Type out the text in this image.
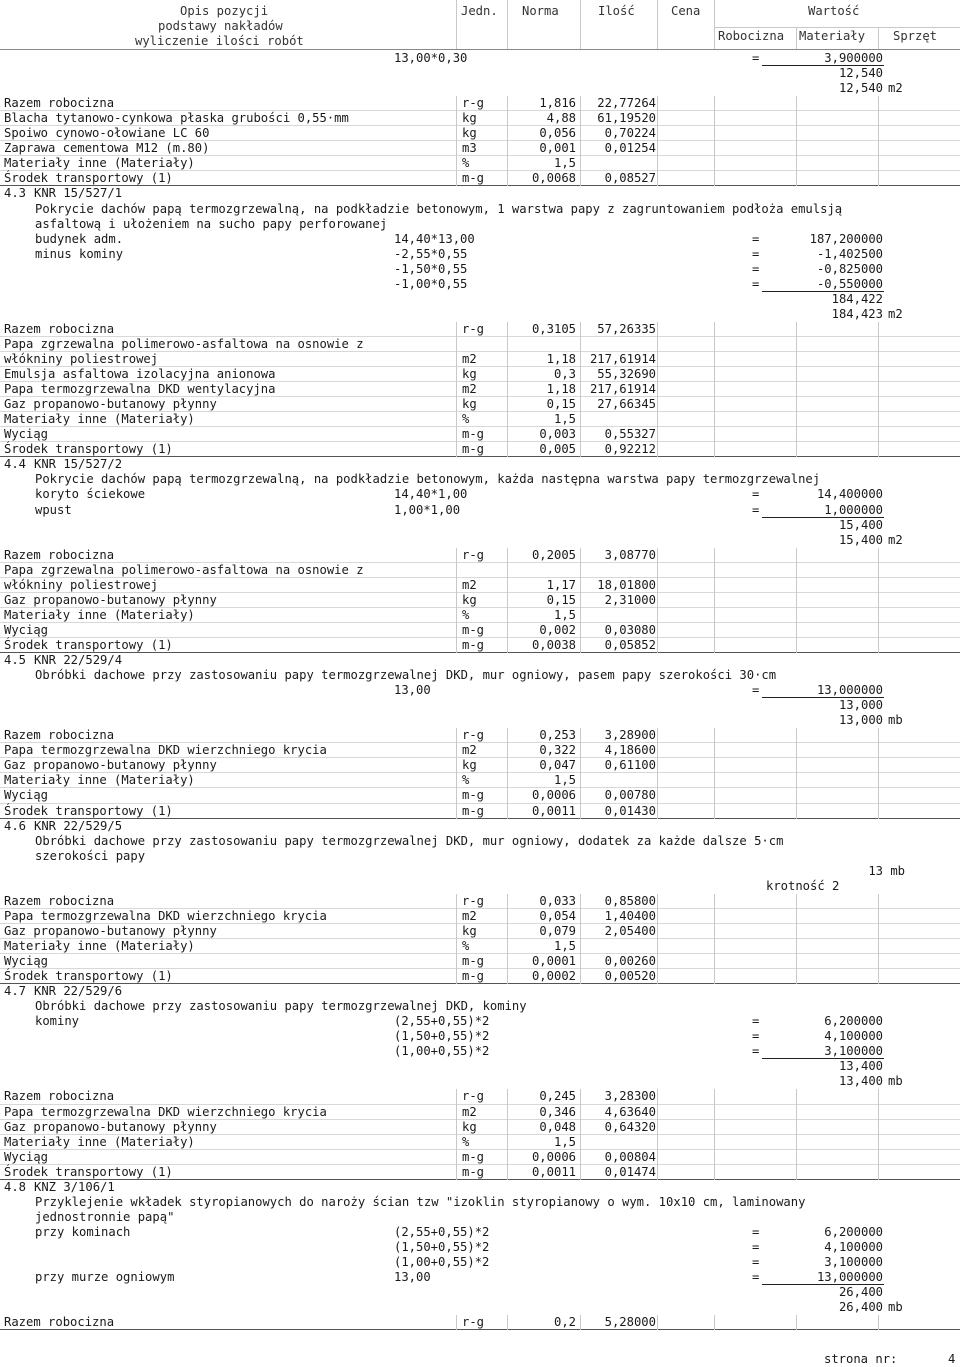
Opis pozycji
podstawy nakładów
wyliczenie ilości robót
Jedn. Norma	Ilość	Cena	Wartość
Robocizna Materiały Sprzęt
13,00*0,30	=	3,900000
12,540
12,540 m2
Razem robocizna	r-g	1,816	22,77264
Blacha tytanowo-cynkowa płaska grubości 0,55·mm	kg	4,88	61,19520
Spoiwo cynowo-ołowiane LC 60	kg	0,056	0,70224
Zaprawa cementowa M12 (m.80)	m3	0,001	0,01254
Materiały inne (Materiały)	%	1,5
Środek transportowy (1)	m-g	0,0068	0,08527
4.3 KNR 15/527/1
Pokrycie dachów papą termozgrzewalną, na podkładzie betonowym, 1 warstwa papy z zagruntowaniem podłoża emulsją
asfaltową i ułożeniem na sucho papy perforowanej
budynek adm.	14,40*13,00	=	187,200000
minus kominy	-2,55*0,55	=	-1,402500
-1,50*0,55	=	-0,825000
-1,00*0,55	=	-0,550000
184,422
184,423 m2
Razem robocizna	r-g	0,3105	57,26335
Papa zgrzewalna polimerowo-asfaltowa na osnowie z
włókniny poliestrowej	m2	1,18	217,61914
Emulsja asfaltowa izolacyjna anionowa	kg	0,3	55,32690
Papa termozgrzewalna DKD wentylacyjna	m2	1,18	217,61914
Gaz propanowo-butanowy płynny	kg	0,15	27,66345
Materiały inne (Materiały)	%	1,5
Wyciąg	m-g	0,003	0,55327
Środek transportowy (1)	m-g	0,005	0,92212
4.4 KNR 15/527/2
Pokrycie dachów papą termozgrzewalną, na podkładzie betonowym, każda następna warstwa papy termozgrzewalnej
koryto ściekowe	14,40*1,00	=	14,400000
wpust	1,00*1,00	=	1,000000
15,400
15,400 m2
Razem robocizna	r-g	0,2005	3,08770
Papa zgrzewalna polimerowo-asfaltowa na osnowie z
włókniny poliestrowej	m2	1,17	18,01800
Gaz propanowo-butanowy płynny	kg	0,15	2,31000
Materiały inne (Materiały)	%	1,5
Wyciąg	m-g	0,002	0,03080
Środek transportowy (1)	m-g	0,0038	0,05852
4.5 KNR 22/529/4
Obróbki dachowe przy zastosowaniu papy termozgrzewalnej DKD, mur ogniowy, pasem papy szerokości 30·cm
13,00	=	13,000000
13,000
13,000 mb
Razem robocizna	r-g	0,253	3,28900
Papa termozgrzewalna DKD wierzchniego krycia	m2	0,322	4,18600
Gaz propanowo-butanowy płynny	kg	0,047	0,61100
Materiały inne (Materiały)	%	1,5
Wyciąg	m-g	0,0006	0,00780
Środek transportowy (1)	m-g	0,0011	0,01430
4.6 KNR 22/529/5
Obróbki dachowe przy zastosowaniu papy termozgrzewalnej DKD, mur ogniowy, dodatek za każde dalsze 5·cm
szerokości papy
13 mb
krotność 2
Razem robocizna	r-g	0,033	0,85800
Papa termozgrzewalna DKD wierzchniego krycia	m2	0,054	1,40400
Gaz propanowo-butanowy płynny	kg	0,079	2,05400
Materiały inne (Materiały)	%	1,5
Wyciąg	m-g	0,0001	0,00260
Środek transportowy (1)	m-g	0,0002	0,00520
4.7 KNR 22/529/6
Obróbki dachowe przy zastosowaniu papy termozgrzewalnej DKD, kominy
kominy	(2,55+0,55)*2	=	6,200000
(1,50+0,55)*2	=	4,100000
(1,00+0,55)*2	=	3,100000
13,400
13,400 mb
Razem robocizna	r-g	0,245	3,28300
Papa termozgrzewalna DKD wierzchniego krycia	m2	0,346	4,63640
Gaz propanowo-butanowy płynny	kg	0,048	0,64320
Materiały inne (Materiały)	%	1,5
Wyciąg	m-g	0,0006	0,00804
Środek transportowy (1)	m-g	0,0011	0,01474
4.8 KNZ 3/106/1
Przyklejenie wkładek styropianowych do naroży ścian tzw "izoklin styropianowy o wym. 10x10 cm, laminowany
jednostronnie papą"
przy kominach	(2,55+0,55)*2	=	6,200000
(1,50+0,55)*2	=	4,100000
(1,00+0,55)*2	=	3,100000
przy murze ogniowym	13,00	=	13,000000
26,400
26,400 mb
Razem robocizna	r-g	0,2	5,28000
strona nr:	4
